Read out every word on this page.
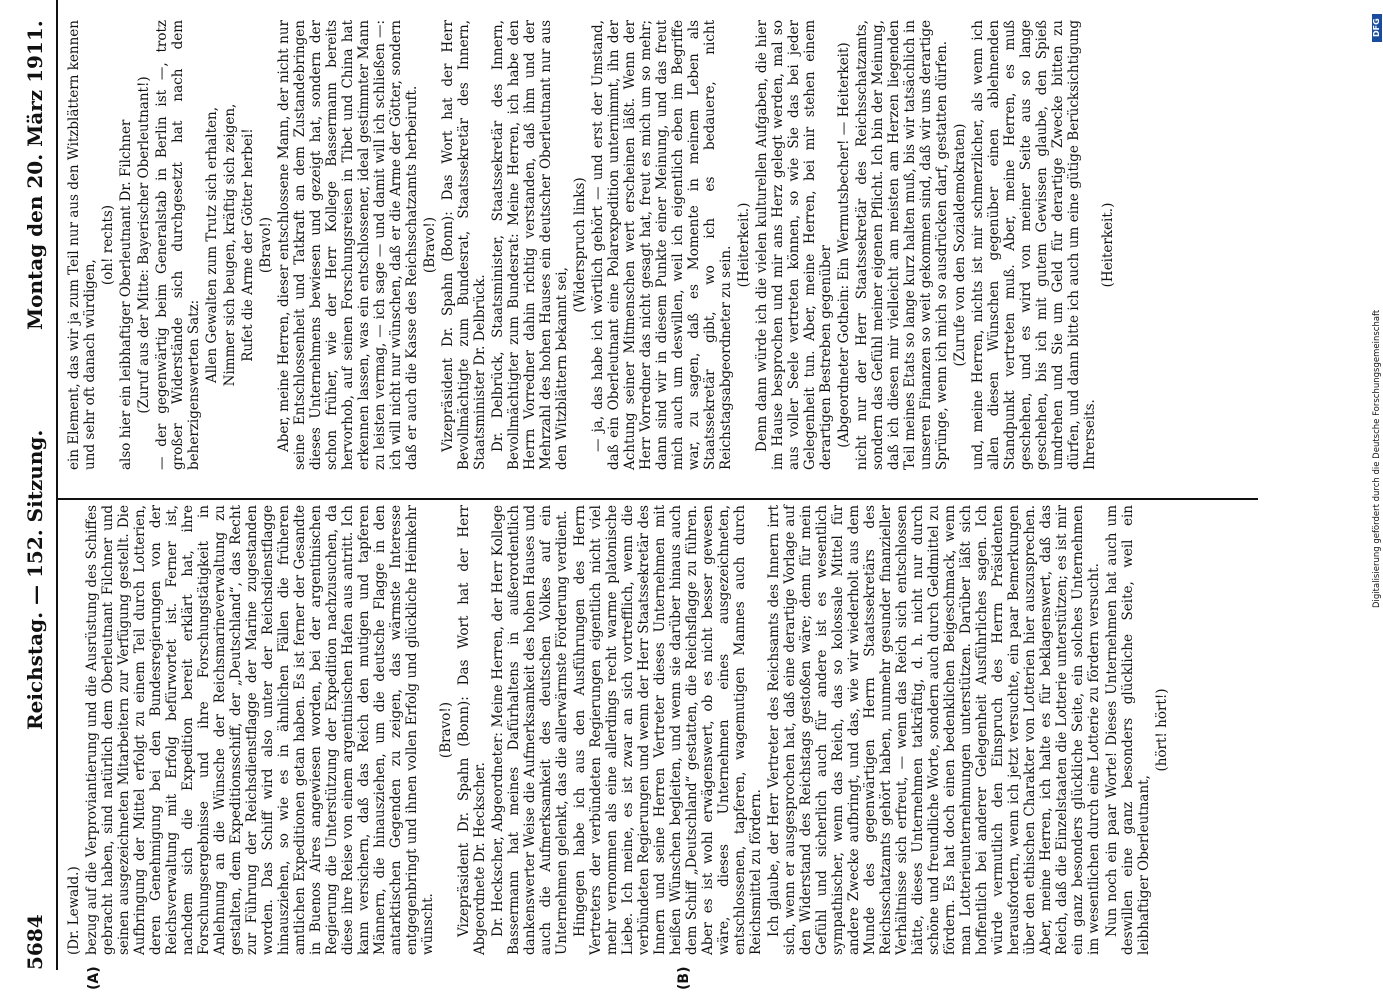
5684
Reichstag. — 152. Sitzung.
Montag den 20. März 1911.
(A)	(B)

(Dr. Lewald.) bezug auf die Verproviantierung und die Ausrüstung des Schiffes gebracht haben, sind natürlich dem Oberleutnant Filchner und seinen ausgezeichneten Mitarbeitern zur Verfügung gestellt. Die Aufbringung der Mittel erfolgt zu einem Teil durch Lotterien, deren Genehmigung bei den Bundesregierungen von der Reichsverwaltung mit Erfolg befürwortet ist. Ferner ist, nachdem sich die Expedition bereit erklärt hat, ihre Forschungsergebnisse und ihre Forschungstätigkeit in Anlehnung an die Wünsche der Reichsmarineverwaltung zu gestalten, dem Expeditionsschiff, der „Deutschland“, das Recht zur Führung der Reichsdienstflagge der Marine zugestanden worden. Das Schiff wird also unter der Reichsdienstflagge hinausziehen, so wie es in ähnlichen Fällen die früheren amtlichen Expeditionen getan haben. Es ist ferner der Gesandte in Buenos Aires angewiesen worden, bei der argentinischen Regierung die Unterstützung der Expedition nachzusuchen, da diese ihre Reise von einem argentinischen Hafen aus antritt. Ich kann versichern, daß das Reich den mutigen und tapferen Männern, die hinausziehen, um die deutsche Flagge in den antarktischen Gegenden zu zeigen, das wärmste Interesse entgegenbringt und ihnen vollen Erfolg und glückliche Heimkehr wünscht.

(Bravo!) Vizepräsident Dr. Spahn (Bonn): Das Wort hat der Herr Abgeordnete Dr. Heckscher. Dr. Heckscher, Abgeordneter: Meine Herren, der Herr Kollege Bassermann hat meines Dafürhaltens in außerordentlich dankenswerter Weise die Aufmerksamkeit des hohen Hauses und auch die Aufmerksamkeit des deutschen Volkes auf ein Unternehmen gelenkt, das die allerwärmste Förderung verdient. Hingegen habe ich aus den Ausführungen des Herrn Vertreters der verbündeten Regierungen eigentlich nicht viel mehr vernommen als eine allerdings recht warme platonische Liebe. Ich meine, es ist zwar an sich vortrefflich, wenn die verbündeten Regierungen und wenn der Herr Staatssekretär des Innern und seine Herren Vertreter dieses Unternehmen mit heißen Wünschen begleiten, und wenn sie darüber hinaus auch dem Schiff „Deutschland“ gestatten, die Reichsflagge zu führen. Aber es ist wohl erwägenswert, ob es nicht besser gewesen wäre, dieses Unternehmen eines ausgezeichneten, entschlossenen, tapferen, wagemutigen Mannes auch durch Reichsmittel zu fördern. Ich glaube, der Herr Vertreter des Reichsamts des Innern irrt sich, wenn er ausgesprochen hat, daß eine derartige Vorlage auf den Widerstand des Reichstags gestoßen wäre; denn für mein Gefühl und sicherlich auch für andere ist es wesentlich sympathischer, wenn das Reich, das so kolossale Mittel für andere Zwecke aufbringt, und das, wie wir wiederholt aus dem Munde des gegenwärtigen Herrn Staatssekretärs des Reichsschatzamts gehört haben, nunmehr gesunder finanzieller Verhältnisse sich erfreut, — wenn das Reich sich entschlossen hätte, dieses Unternehmen tatkräftig, d. h. nicht nur durch schöne und freundliche Worte, sondern auch durch Geldmittel zu fördern. Es hat doch einen bedenklichen Beigeschmack, wenn man Lotterieunternehmungen unterstützen. Darüber läßt sich hoffentlich bei anderer Gelegenheit Ausführliches sagen. Ich würde vermutlich den Einspruch des Herrn Präsidenten herausfordern, wenn ich jetzt versuchte, ein paar Bemerkungen über den ethischen Charakter von Lotterien hier auszusprechen. Aber, meine Herren, ich halte es für beklagenswert, daß das Reich, daß die Einzelstaaten die Lotterie unterstützen; es ist mir ein ganz besonders glückliche Seite, ein solches Unternehmen im wesentlichen durch eine Lotterie zu fördern versucht. Nun noch ein paar Worte! Dieses Unternehmen hat auch um deswillen eine ganz besonders glückliche Seite, weil ein leibhaftiger Oberleutnant,

(hört! hört!)

ein Element, das wir ja zum Teil nur aus den Witzblättern kennen und sehr oft danach würdigen,

(oh! rechts) also hier ein leibhaftiger Oberleutnant Dr. Filchner (Zuruf aus der Mitte: Bayerischer Oberleutnant!) — der gegenwärtig beim Generalstab in Berlin ist —, trotz großer Widerstände sich durchgesetzt hat nach dem beherzigenswerten Satz:

Allen Gewalten zum Trutz sich erhalten, Nimmer sich beugen, kräftig sich zeigen, Rufet die Arme der Götter herbei! (Bravo!) Aber, meine Herren, dieser entschlossene Mann, der nicht nur seine Entschlossenheit und Tatkraft an dem Zustandebringen dieses Unternehmens bewiesen und gezeigt hat, sondern der schon früher, wie der Herr Kollege Bassermann bereits hervorhob, auf seinen Forschungsreisen in Tibet und China hat erkennen lassen, was ein entschlossener, ideal gestimmter Mann zu leisten vermag, — ich sage — und damit will ich schließen —: ich will nicht nur wünschen, daß er die Arme der Götter, sondern daß er auch die Kasse des Reichsschatzamts herbeiruft. (Bravo!) Vizepräsident Dr. Spahn (Bonn): Das Wort hat der Herr Bevollmächtigte zum Bundesrat, Staatssekretär des Innern, Staatsminister Dr. Delbrück. Dr. Delbrück, Staatsminister, Staatssekretär des Innern, Bevollmächtigter zum Bundesrat: Meine Herren, ich habe den Herrn Vorredner dahin richtig verstanden, daß ihm und der Mehrzahl des hohen Hauses ein deutscher Oberleutnant nur aus den Witzblättern bekannt sei,

(Widerspruch links) — ja, das habe ich wörtlich gehört — und erst der Umstand, daß ein Oberleutnant eine Polarexpedition unternimmt, ihn der Achtung seiner Mitmenschen wert erscheinen läßt. Wenn der Herr Vorredner das nicht gesagt hat, freut es mich um so mehr; dann sind wir in diesem Punkte einer Meinung, und das freut mich auch um deswillen, weil ich eigentlich eben im Begriffe war, zu sagen, daß es Momente in meinem Leben als Staatssekretär gibt, wo ich es bedauere, nicht Reichstagsabgeordneter zu sein.

(Heiterkeit.) Denn dann würde ich die vielen kulturellen Aufgaben, die hier im Hause besprochen und mir ans Herz gelegt werden, mal so aus voller Seele vertreten können, so wie Sie das bei jeder Gelegenheit tun. Aber, meine Herren, bei mir stehen einem derartigen Bestreben gegenüber (Abgeordneter Gothein: Ein Wermutsbecher! — Heiterkeit) nicht nur der Herr Staatssekretär des Reichsschatzamts, sondern das Gefühl meiner eigenen Pflicht. Ich bin der Meinung, daß ich diesen mir vielleicht am meisten am Herzen liegenden Teil meines Etats so lange kurz halten muß, bis wir tatsächlich in unseren Finanzen so weit gekommen sind, daß wir uns derartige Sprünge, wenn ich mich so ausdrücken darf, gestatten dürfen. (Zurufe von den Sozialdemokraten) und, meine Herren, nichts ist mir schmerzlicher, als wenn ich allen diesen Wünschen gegenüber einen ablehnenden Standpunkt vertreten muß. Aber, meine Herren, es muß geschehen, und es wird von meiner Seite aus so lange geschehen, bis ich mit gutem Gewissen glaube, den Spieß umdrehen und Sie um Geld für derartige Zwecke bitten zu dürfen, und dann bitte ich auch um eine gütige Berücksichtigung Ihrerseits.

(Heiterkeit.)

DFG
Digitalisierung gefördert durch die Deutsche Forschungsgemeinschaft
